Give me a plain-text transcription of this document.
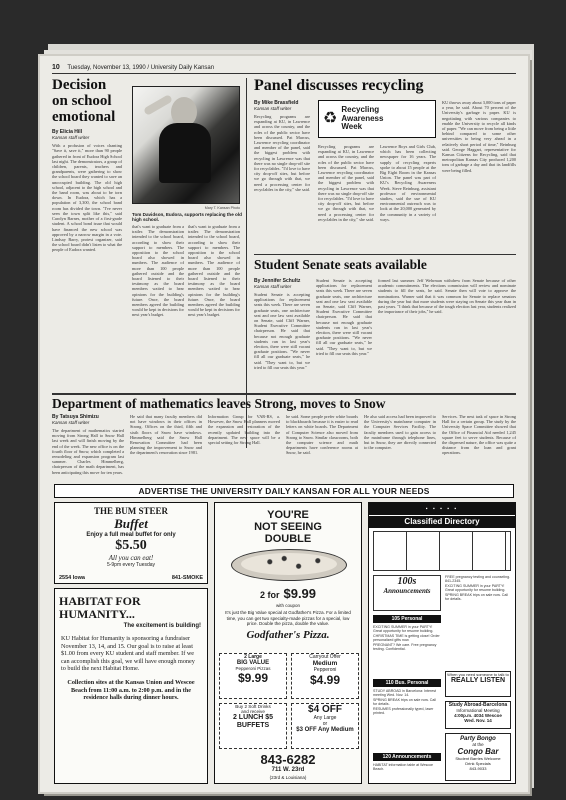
10 Tuesday, November 13, 1990 / University Daily Kansan
Decision on school emotional
By Elicia Hill
Kansan staff writer
With a profusion of voices chanting "Save it, save it," more than 90 people gathered in front of Eudora High School last night. The demonstrators, a group of children, parents, teachers and grandparents, were gathering to show the school board they wanted to save an unoccupied building. The old high school, adjacent to the high school and the band room, was about to be torn down. In Eudora, which has a population of 3,300, the school band room has divided the town. "I've never seen the town split like this," said Carolyn Barnes, mother of a first-grade student. A school bond issue that would have financed the new school was approved by a narrow margin in a vote. Lindsay Barry, protest organizer, said the school board didn't listen to what the people of Eudora wanted.
Mary T. Kansan Photo
Tom Davidson, Eudora, supports replacing the old high school.
that's want to graduate from a trailer. The demonstration intended to the school board, according to show their support to members. The opposition to the school board also showed in numbers. The audience of more than 100 people gathered outside and the board listened to their testimony as the board members waited to hear opinions for the building's future. Once, the board members agreed the building would be kept in decisions for next year's budget.
that's want to graduate from a trailer. The demonstration intended to the school board, according to show their support to members. The opposition to the school board also showed in numbers. The audience of more than 100 people gathered outside and the board listened to their testimony as the board members waited to hear opinions for the building's future. Once, the board members agreed the building would be kept in decisions for next year's budget.
Panel discusses recycling
By Mike Brassfield
Kansan staff writer
Recycling programs are expanding at KU, in Lawrence and across the country, and the roles of the public sector have been discussed. Pat Marcus, Lawrence recycling coordinator and member of the panel, said the biggest problem with recycling in Lawrence was that there was no single drop-off site for recyclables. "I'd love to have city drop-off sites, but before we go through with that, we need a processing center for recyclables in the city," she said.
♻
Recycling
Awareness
Week
Recycling programs are expanding at KU, in Lawrence and across the country, and the roles of the public sector have been discussed. Pat Marcus, Lawrence recycling coordinator and member of the panel, said the biggest problem with recycling in Lawrence was that there was no single drop-off site for recyclables. "I'd love to have city drop-off sites, but before we go through with that, we need a processing center for recyclables in the city," she said.
Lawrence Boys and Girls Club, which has been collecting newspaper for 16 years. The supply of recycling experts spoke to about 15 people at the Big Eight Room in the Kansas Union. The panel was part of KU's Recycling Awareness Week. Steve Reinburg, assistant professor of environmental studies, said the use of KU environmental outreach was to look at the 20,000 generated by the community in a variety of ways.
KU throws away about 3,000 tons of paper a year, he said. About 70 percent of the University's garbage is paper. KU is negotiating with various companies to enable the University to recycle all kinds of paper. "We can move from being a little behind compared to some other universities to being very ahead in a relatively short period of time," Reinburg said. George Haggart, representative for Kansas Citizens for Recycling, said that metropolitan Kansas City produced 1,200 tons of garbage a day and that its landfills were being filled.
Student Senate seats available
By Jennifer Schultz
Kansan staff writer
Student Senate is accepting applications for replacement seats this week. There are seven graduate seats, one architecture seat and one law seat available on Senate, said Cliff Warner, Student Executive Committee chairperson. He said that because not enough graduate students ran in last year's election, there were still vacant graduate positions. "We never fill all our graduate seats," he said. "They want to, but we tried to fill our seats this year."
Student Senate is accepting applications for replacement seats this week. There are seven graduate seats, one architecture seat and one law seat available on Senate, said Cliff Warner, Student Executive Committee chairperson. He said that because not enough graduate students ran in last year's election, there were still vacant graduate positions. "We never fill all our graduate seats," he said. "They want to, but we tried to fill our seats this year."
formed last summer. Jeff Wehrman withdrew from Senate because of other academic commitments. The elections commission will review and nominate students to fill the seats, he said. Senate then will vote to approve the nominations. Warner said that it was common for Senate to replace senators during the year but that more students were staying on Senate this year than in past years. "I think that because of the tough election last year, students realized the importance of their jobs," he said.
Department of mathematics leaves Strong, moves to Snow
By Tatsuya Shimizu
Kansan staff writer
The department of mathematics started moving from Strong Hall to Snow Hall last week and will finish moving by the end of the week. The new office is on the fourth floor of Snow, which completed a remodeling and expansion program last summer. Charles Himmelberg, chairperson of the math department, has been anticipating this move for ten years.
He said that many faculty members did not have windows in their offices in Strong. Offices on the third, fifth and sixth floors of Snow have windows. Himmelberg said the Snow Hall Renovation Committee had been planning the improvement to Snow and the department's renovation since 1981.
Information Group for VAR-RS, a. However, the Snow Hall planners moved the expansion and restoration of the recently updated building into the department. The new space will be a special setting for Strong Hall.
he said. Some people prefer white boards to blackboards because it is easier to read letters on white boards. The Department of Computer Science also moved from Strong to Snow. Similar classrooms, both the computer science and math departments have conference rooms at Snow, he said.
He also said access had been improved to the University's mainframe computer in the Computer Services Facility. The faculty members used to gain access to the mainframe through telephone lines, but in Snow, they are directly connected to the computer.
Services. The next task of space in Strong Hall for a certain group. The study by the University Space Committee showed that the Office of Financial Aid needed 1,245 square feet to serve students. Because of the dispersed nature, the office was quite a distance from the loan and grant operations.
ADVERTISE THE UNIVERSITY DAILY KANSAN FOR ALL YOUR NEEDS
THE BUM STEER
Buffet
Enjoy a full meal buffet for only
$5.50
All you can eat!
5-9pm every Tuesday
2554 Iowa	841-SMOKE
HABITAT FOR HUMANITY...
The excitement is building!
KU Habitat for Humanity is sponsoring a fundraiser November 13, 14, and 15. Our goal is to raise at least $1.00 from every KU student and staff member. If we can accomplish this goal, we will have enough money to build the next Habitat Home.
Collection sites at the Kansas Union and Wescoe Beach from 11:00 a.m. to 2:00 p.m. and in the residence halls during dinner hours.
YOU'RE
NOT SEEING
DOUBLE
2 for $9.99
with coupon
It's just the Big Value special at Godfather's Pizza. For a limited time, you can get two specialty-made pizzas for a special, low price. Double the pizza, double the value.
Godfather's Pizza.
2 Large
BIG VALUE
Pepperoni Pizzas
$9.99
Carryout Offer
Medium
Pepperoni
$4.99
Buy 2 Soft Drinks
and receive
2 LUNCH $5 BUFFETS
$4 OFF
Any Large
or
$3 OFF Any Medium
843-6282
711 W. 23rd
(23rd & Louisiana)
▪ ▪ ▪ ▪ ▪
Classified Directory
100s
Announcements
105 Personal
EXCITING SUMMER in your PARTY! Great opportunity for resume building.
CHRISTMAS TIME is getting close! Order personalized gifts now.
PREGNANT? We care. Free pregnancy testing. Confidential.
110 Bus. Personal
STUDY ABROAD in Barcelona: Interest meeting Wed. Nov. 14.
SPRING BREAK trips on sale now. Call for details.
RESUMES professionally typed, laser printed.
120 Announcements
HABITAT information table at Wescoe Beach.
FREE pregnancy testing and counseling. 841-2345.
EXCITING SUMMER in your PARTY! Great opportunity for resume building.
SPRING BREAK trips on sale now. Call for details.
When you need someone to talk to
REALLY LISTEN
Study Abroad-Barcelona
Informational Meeting
4:00p.m. 4034 Wescoe
Wed. Nov. 14
Party Bongo
at the
Congo Bar
Student Barries Welcome
Drink Specials
843-9033
